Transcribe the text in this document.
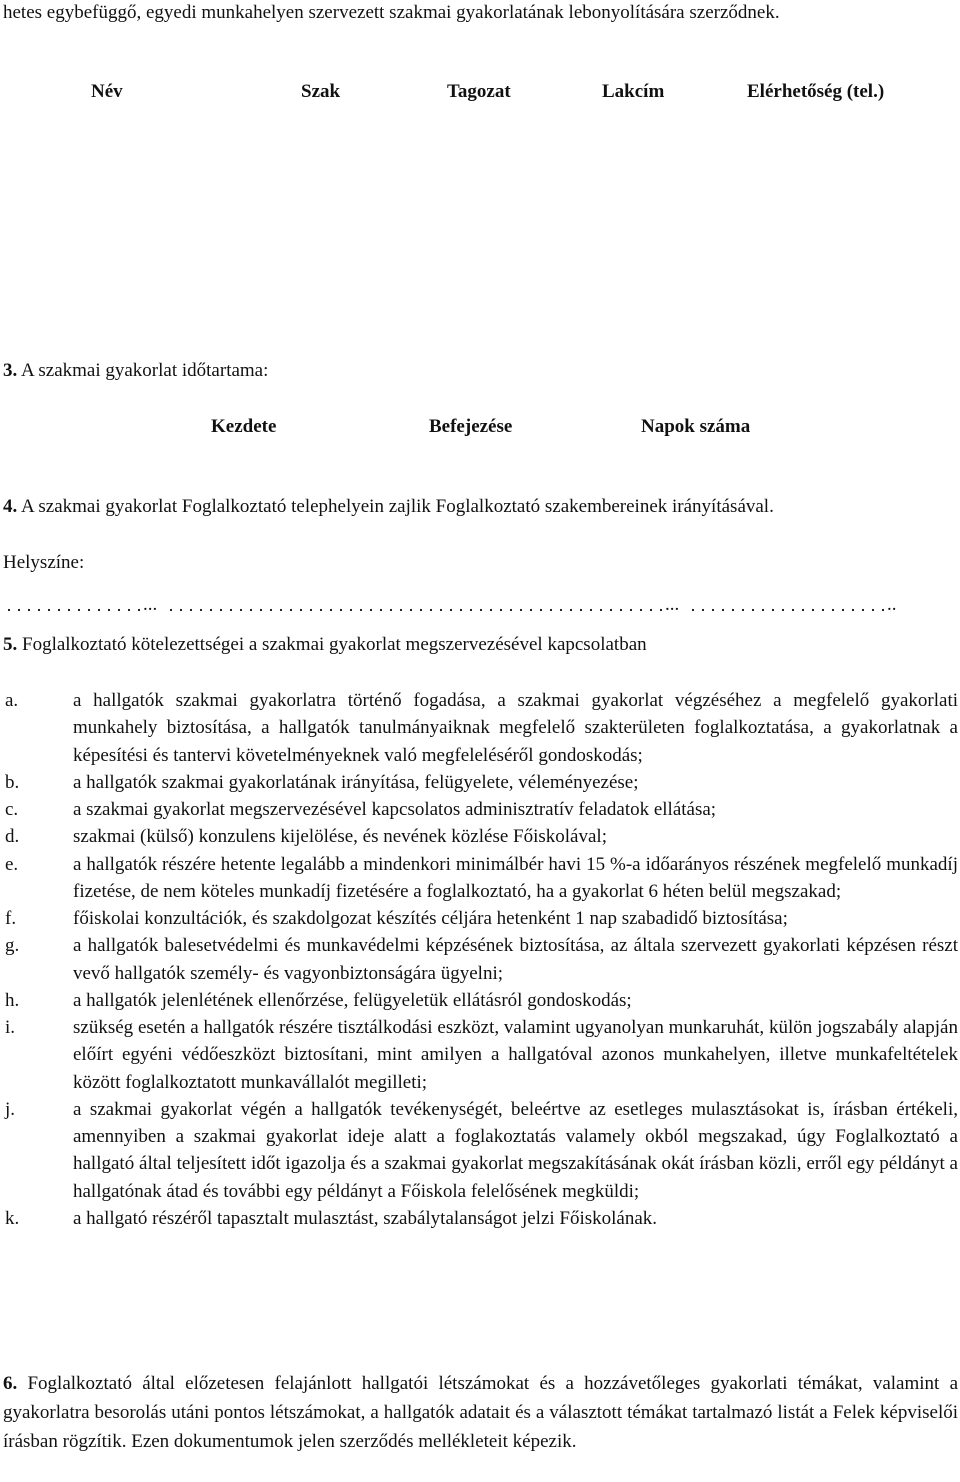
hetes egybefüggő, egyedi munkahelyen szervezett szakmai gyakorlatának lebonyolítására szerződnek.

Név	Szak	Tagozat	Lakcím	Elérhetőség (tel.)

3. A szakmai gyakorlat időtartama:

Kezdete	Befejezése	Napok száma

4. A szakmai gyakorlat Foglalkoztató telephelyein zajlik Foglalkoztató szakembereinek irányításával.

Helyszíne:

...	...	..

5. Foglalkoztató kötelezettségei a szakmai gyakorlat megszervezésével kapcsolatban

a.	a hallgatók szakmai gyakorlatra történő fogadása, a szakmai gyakorlat végzéséhez a megfelelő gyakorlati munkahely biztosítása, a hallgatók tanulmányaiknak megfelelő szakterületen foglalkoztatása, a gyakorlatnak a képesítési és tantervi követelményeknek való megfeleléséről gondoskodás;
b.	a hallgatók szakmai gyakorlatának irányítása, felügyelete, véleményezése;
c.	a szakmai gyakorlat megszervezésével kapcsolatos adminisztratív feladatok ellátása;
d.	szakmai (külső) konzulens kijelölése, és nevének közlése Főiskolával;
e.	a hallgatók részére hetente legalább a mindenkori minimálbér havi 15 %-a időarányos részének megfelelő munkadíj fizetése, de nem köteles munkadíj fizetésére a foglalkoztató, ha a gyakorlat 6 héten belül megszakad;
f.	főiskolai konzultációk, és szakdolgozat készítés céljára hetenként 1 nap szabadidő biztosítása;
g.	a hallgatók balesetvédelmi és munkavédelmi képzésének biztosítása, az általa szervezett gyakorlati képzésen részt vevő hallgatók személy- és vagyonbiztonságára ügyelni;
h.	a hallgatók jelenlétének ellenőrzése, felügyeletük ellátásról gondoskodás;
i.	szükség esetén a hallgatók részére tisztálkodási eszközt, valamint ugyanolyan munkaruhát, külön jogszabály alapján előírt egyéni védőeszközt biztosítani, mint amilyen a hallgatóval azonos munkahelyen, illetve munkafeltételek között foglalkoztatott munkavállalót megilleti;
j.	a szakmai gyakorlat végén a hallgatók tevékenységét, beleértve az esetleges mulasztásokat is, írásban értékeli, amennyiben a szakmai gyakorlat ideje alatt a foglakoztatás valamely okból megszakad, úgy Foglalkoztató a hallgató által teljesített időt igazolja és a szakmai gyakorlat megszakításának okát írásban közli, erről egy példányt a hallgatónak átad és további egy példányt a Főiskola felelősének megküldi;
k.	a hallgató részéről tapasztalt mulasztást, szabálytalanságot jelzi Főiskolának.

6. Foglalkoztató által előzetesen felajánlott hallgatói létszámokat és a hozzávetőleges gyakorlati témákat, valamint a gyakorlatra besorolás utáni pontos létszámokat, a hallgatók adatait és a választott témákat tartalmazó listát a Felek képviselői írásban rögzítik. Ezen dokumentumok jelen szerződés mellékleteit képezik.
